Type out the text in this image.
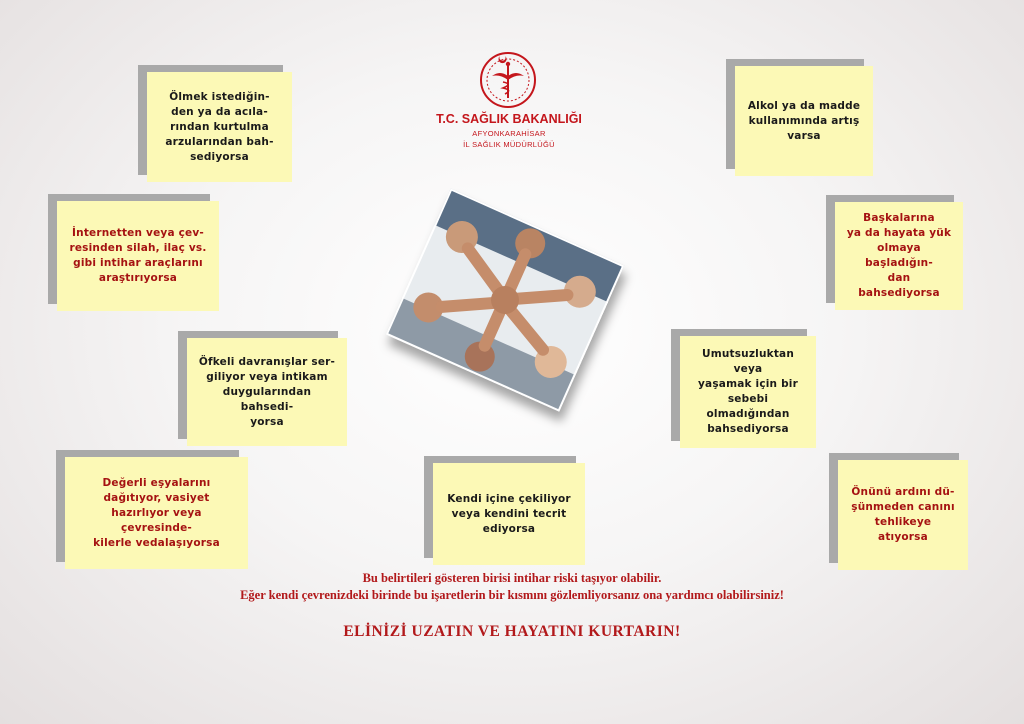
T.C. SAĞLIK BAKANLIĞI
AFYONKARAHİSAR
İL SAĞLIK MÜDÜRLÜĞÜ
Ölmek istediğin-
den ya da acıla-
rından kurtulma
arzularından bah-
sediyorsa
İnternetten veya çev-
resinden silah, ilaç vs.
gibi intihar araçlarını
araştırıyorsa
Öfkeli davranışlar ser-
giliyor veya intikam
duygularından bahsedi-
yorsa
Değerli eşyalarını
dağıtıyor, vasiyet
hazırlıyor veya çevresinde-
kilerle vedalaşıyorsa
Kendi içine çekiliyor
veya kendini tecrit
ediyorsa
Alkol ya da madde
kullanımında artış
varsa
Başkalarına
ya da hayata yük
olmaya başladığın-
dan bahsediyorsa
Umutsuzluktan veya
yaşamak için bir
sebebi olmadığından
bahsediyorsa
Önünü ardını dü-
şünmeden canını
tehlikeye atıyorsa
Bu belirtileri gösteren birisi intihar riski taşıyor olabilir.
Eğer kendi çevrenizdeki birinde bu işaretlerin bir kısmını gözlemliyorsanız ona yardımcı olabilirsiniz!
ELİNİZİ UZATIN VE HAYATINI KURTARIN!
